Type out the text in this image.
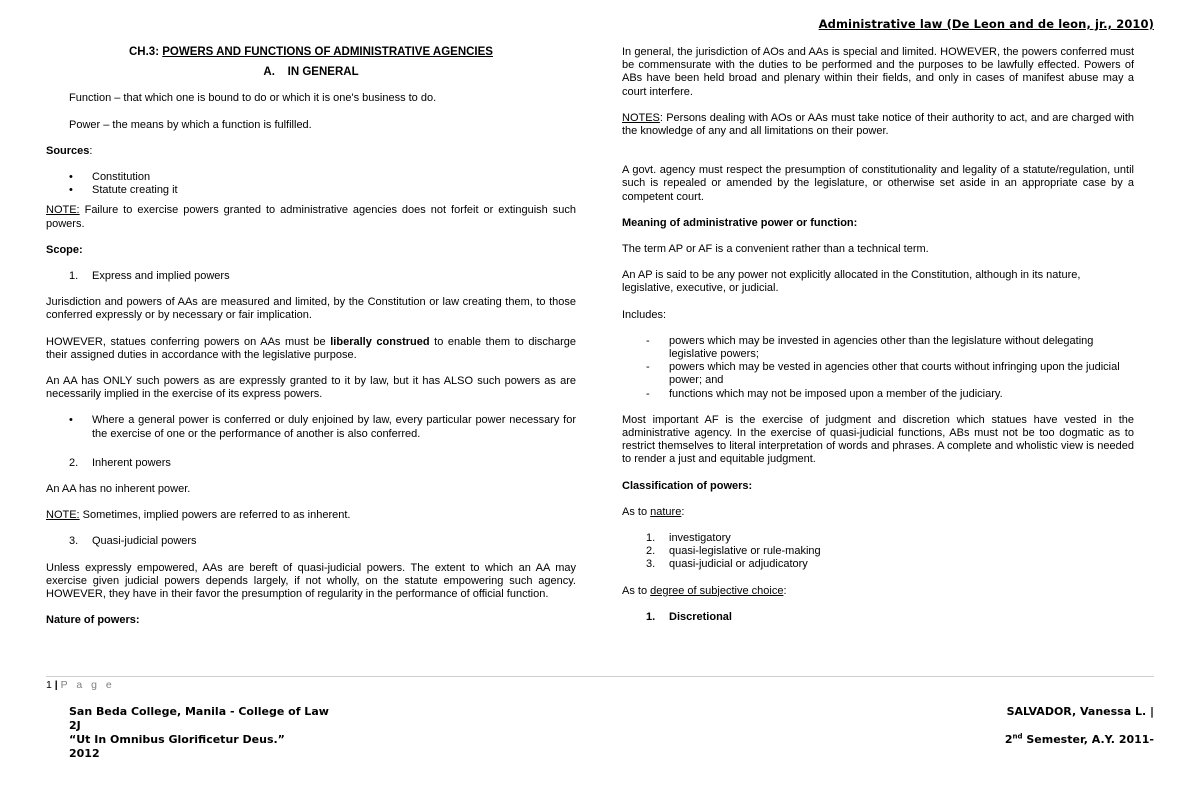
Administrative law (De Leon and de leon, jr., 2010)

CH.3: POWERS AND FUNCTIONS OF ADMINISTRATIVE AGENCIES

A. IN GENERAL

Function – that which one is bound to do or which it is one's business to do.

Power – the means by which a function is fulfilled.

Sources:

• Constitution
• Statute creating it

NOTE: Failure to exercise powers granted to administrative agencies does not forfeit or extinguish such powers.

Scope:

1. Express and implied powers

Jurisdiction and powers of AAs are measured and limited, by the Constitution or law creating them, to those conferred expressly or by necessary or fair implication.

HOWEVER, statues conferring powers on AAs must be liberally construed to enable them to discharge their assigned duties in accordance with the legislative purpose.

An AA has ONLY such powers as are expressly granted to it by law, but it has ALSO such powers as are necessarily implied in the exercise of its express powers.

• Where a general power is conferred or duly enjoined by law, every particular power necessary for the exercise of one or the performance of another is also conferred.
2. Inherent powers

An AA has no inherent power.

NOTE: Sometimes, implied powers are referred to as inherent.

3. Quasi-judicial powers

Unless expressly empowered, AAs are bereft of quasi-judicial powers. The extent to which an AA may exercise given judicial powers depends largely, if not wholly, on the statute empowering such agency. HOWEVER, they have in their favor the presumption of regularity in the performance of official function.

Nature of powers:

In general, the jurisdiction of AOs and AAs is special and limited. HOWEVER, the powers conferred must be commensurate with the duties to be performed and the purposes to be lawfully effected. Powers of ABs have been held broad and plenary within their fields, and only in cases of manifest abuse may a court interfere.

NOTES: Persons dealing with AOs or AAs must take notice of their authority to act, and are charged with the knowledge of any and all limitations on their power.

A govt. agency must respect the presumption of constitutionality and legality of a statute/regulation, until such is repealed or amended by the legislature, or otherwise set aside in an appropriate case by a competent court.

Meaning of administrative power or function:

The term AP or AF is a convenient rather than a technical term.

An AP is said to be any power not explicitly allocated in the Constitution, although in its nature, legislative, executive, or judicial.

Includes:

- powers which may be invested in agencies other than the legislature without delegating legislative powers;
- powers which may be vested in agencies other that courts without infringing upon the judicial power; and
- functions which may not be imposed upon a member of the judiciary.

Most important AF is the exercise of judgment and discretion which statues have vested in the administrative agency. In the exercise of quasi-judicial functions, ABs must not be too dogmatic as to restrict themselves to literal interpretation of words and phrases. A complete and wholistic view is needed to render a just and equitable judgment.

Classification of powers:

As to nature:

1. investigatory
2. quasi-legislative or rule-making
3. quasi-judicial or adjudicatory

As to degree of subjective choice:

1. Discretional
1 | P a g e
San Beda College, Manila - College of Law
2J
“Ut In Omnibus Glorificetur Deus.”
2012
SALVADOR, Vanessa L. |
2nd Semester, A.Y. 2011-
